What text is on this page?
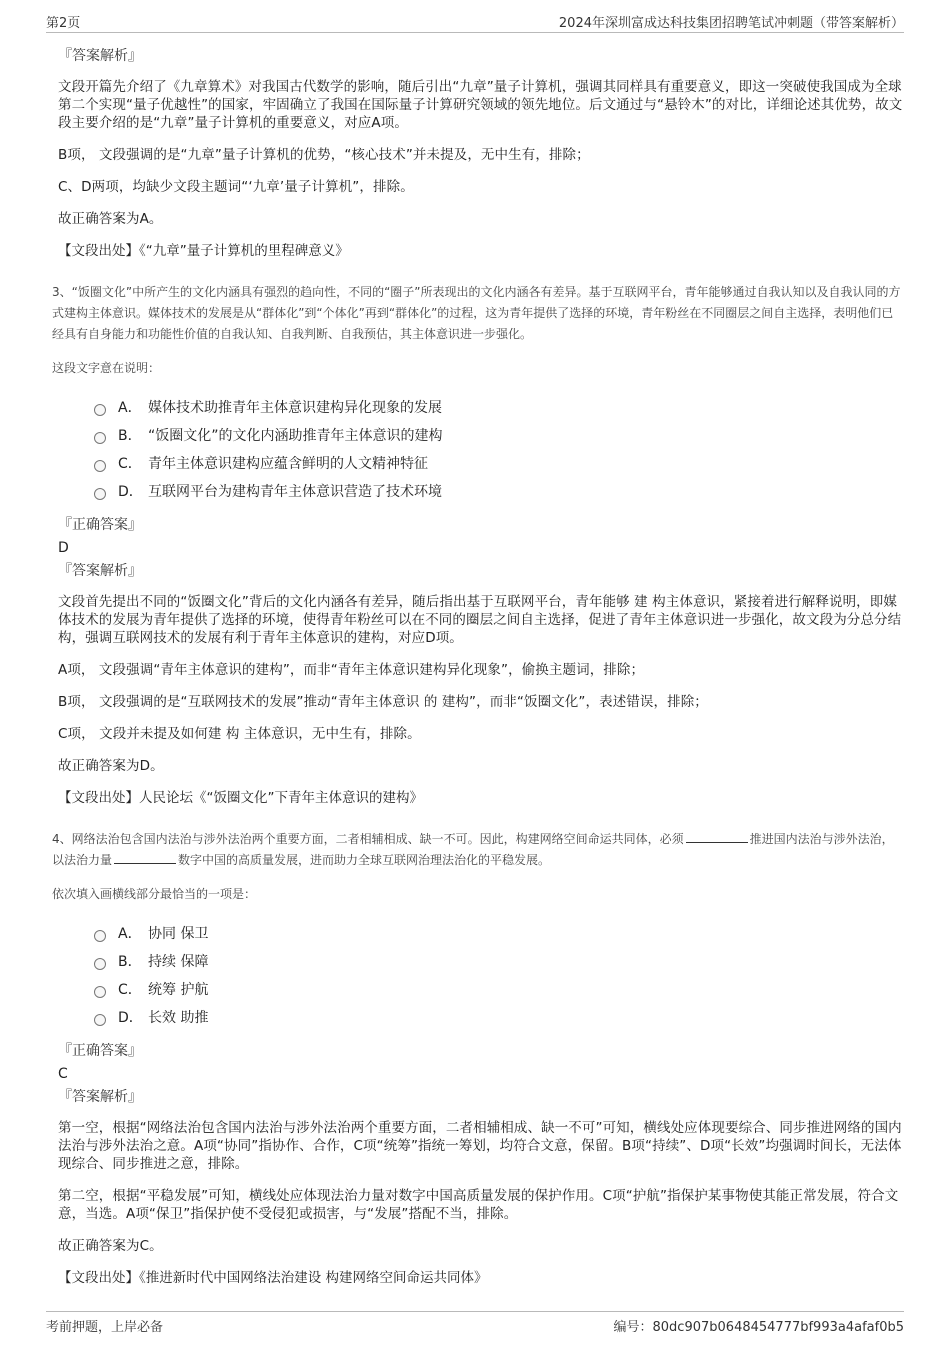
第2页	2024年深圳富成达科技集团招聘笔试冲刺题（带答案解析）
『答案解析』
文段开篇先介绍了《九章算术》对我国古代数学的影响，随后引出“九章”量子计算机，强调其同样具有重要意义，即这一突破使我国成为全球第二个实现“量子优越性”的国家，牢固确立了我国在国际量子计算研究领域的领先地位。后文通过与“悬铃木”的对比，详细论述其优势，故文段主要介绍的是“九章”量子计算机的重要意义，对应A项。
B项， 文段强调的是“九章”量子计算机的优势，“核心技术”并未提及，无中生有，排除；
C、D两项，均缺少文段主题词“‘九章’量子计算机”，排除。
故正确答案为A。
【文段出处】《“九章”量子计算机的里程碑意义》
3、“饭圈文化”中所产生的文化内涵具有强烈的趋向性，不同的“圈子”所表现出的文化内涵各有差异。基于互联网平台，青年能够通过自我认知以及自我认同的方式建构主体意识。媒体技术的发展是从“群体化”到“个体化”再到“群体化”的过程，这为青年提供了选择的环境，青年粉丝在不同圈层之间自主选择，表明他们已经具有自身能力和功能性价值的自我认知、自我判断、自我预估，其主体意识进一步强化。
这段文字意在说明：
A． 媒体技术助推青年主体意识建构异化现象的发展
B． “饭圈文化”的文化内涵助推青年主体意识的建构
C． 青年主体意识建构应蕴含鲜明的人文精神特征
D． 互联网平台为建构青年主体意识营造了技术环境
『正确答案』
D
『答案解析』
文段首先提出不同的“饭圈文化”背后的文化内涵各有差异，随后指出基于互联网平台，青年能够 建 构主体意识，紧接着进行解释说明，即媒体技术的发展为青年提供了选择的环境，使得青年粉丝可以在不同的圈层之间自主选择，促进了青年主体意识进一步强化，故文段为分总分结构，强调互联网技术的发展有利于青年主体意识的建构，对应D项。
A项， 文段强调“青年主体意识的建构”，而非“青年主体意识建构异化现象”，偷换主题词，排除；
B项， 文段强调的是“互联网技术的发展”推动“青年主体意识 的 建构”，而非“饭圈文化”，表述错误，排除；
C项， 文段并未提及如何建 构 主体意识，无中生有，排除。
故正确答案为D。
【文段出处】人民论坛《“饭圈文化”下青年主体意识的建构》
4、网络法治包含国内法治与涉外法治两个重要方面，二者相辅相成、缺一不可。因此，构建网络空间命运共同体，必须	推进国内法治与涉外法治，以法治力量	数字中国的高质量发展，进而助力全球互联网治理法治化的平稳发展。
依次填入画横线部分最恰当的一项是：
A． 协同 保卫
B． 持续 保障
C． 统筹 护航
D． 长效 助推
『正确答案』
C
『答案解析』
第一空，根据“网络法治包含国内法治与涉外法治两个重要方面，二者相辅相成、缺一不可”可知，横线处应体现要综合、同步推进网络的国内法治与涉外法治之意。A项“协同”指协作、合作，C项“统筹”指统一筹划，均符合文意，保留。B项“持续”、D项“长效”均强调时间长，无法体现综合、同步推进之意，排除。
第二空，根据“平稳发展”可知，横线处应体现法治力量对数字中国高质量发展的保护作用。C项“护航”指保护某事物使其能正常发展，符合文意，当选。A项“保卫”指保护使不受侵犯或损害，与“发展”搭配不当，排除。
故正确答案为C。
【文段出处】《推进新时代中国网络法治建设 构建网络空间命运共同体》
考前押题，上岸必备	编号：80dc907b0648454777bf993a4afaf0b5
